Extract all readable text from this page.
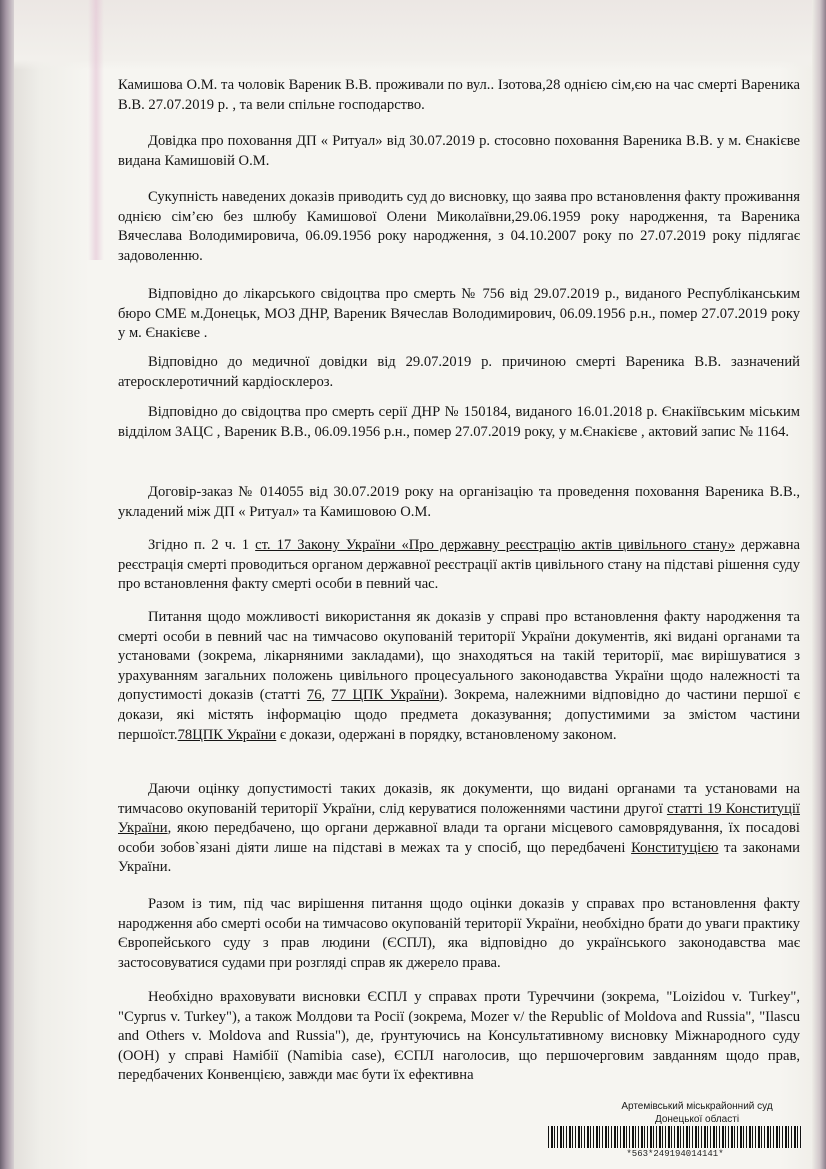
Камишова О.М. та чоловік Вареник В.В. проживали по вул.. Ізотова,28 однією сім,єю на час смерті Вареника В.В. 27.07.2019 р. , та вели спільне господарство.

Довідка про поховання ДП « Ритуал» від 30.07.2019 р. стосовно поховання Вареника В.В. у м. Єнакієве видана Камишовій О.М.

Сукупність наведених доказів приводить суд до висновку, що заява про встановлення факту проживання однією сім’єю без шлюбу Камишової Олени Миколаївни,29.06.1959 року народження, та Вареника Вячеслава Володимировича, 06.09.1956 року народження, з 04.10.2007 року по 27.07.2019 року підлягає задоволенню.

Відповідно до лікарського свідоцтва про смерть № 756 від 29.07.2019 р., виданого Республіканським бюро СМЕ м.Донецьк, МОЗ ДНР, Вареник Вячеслав Володимирович, 06.09.1956 р.н., помер 27.07.2019 року у м. Єнакієве .

Відповідно до медичної довідки від 29.07.2019 р. причиною смерті Вареника В.В. зазначений атеросклеротичний кардіосклероз.

Відповідно до свідоцтва про смерть серії ДНР № 150184, виданого 16.01.2018 р. Єнакіївським міським відділом ЗАЦС , Вареник В.В., 06.09.1956 р.н., помер 27.07.2019 року, у м.Єнакієве , актовий запис № 1164.

Договір-заказ № 014055 від 30.07.2019 року на організацію та проведення поховання Вареника В.В., укладений між ДП « Ритуал» та Камишовою О.М.

Згідно п. 2 ч. 1 ст. 17 Закону України «Про державну реєстрацію актів цивільного стану» державна реєстрація смерті проводиться органом державної реєстрації актів цивільного стану на підставі рішення суду про встановлення факту смерті особи в певний час.

Питання щодо можливості використання як доказів у справі про встановлення факту народження та смерті особи в певний час на тимчасово окупованій території України документів, які видані органами та установами (зокрема, лікарняними закладами), що знаходяться на такій території, має вирішуватися з урахуванням загальних положень цивільного процесуального законодавства України щодо належності та допустимості доказів (статті 76, 77 ЦПК України). Зокрема, належними відповідно до частини першої є докази, які містять інформацію щодо предмета доказування; допустимими за змістом частини першоїст.78ЦПК України є докази, одержані в порядку, встановленому законом.

Даючи оцінку допустимості таких доказів, як документи, що видані органами та установами на тимчасово окупованій території України, слід керуватися положеннями частини другої статті 19 Конституції України, якою передбачено, що органи державної влади та органи місцевого самоврядування, їх посадові особи зобов`язані діяти лише на підставі в межах та у спосіб, що передбачені Конституцією та законами України.

Разом із тим, під час вирішення питання щодо оцінки доказів у справах про встановлення факту народження або смерті особи на тимчасово окупованій території України, необхідно брати до уваги практику Європейського суду з прав людини (ЄСПЛ), яка відповідно до українського законодавства має застосовуватися судами при розгляді справ як джерело права.

Необхідно враховувати висновки ЄСПЛ у справах проти Туреччини (зокрема, "Loizidou v. Turkey", "Cyprus v. Turkey"), а також Молдови та Росії (зокрема, Mozer v/ the Republic of Moldova and Russia", "Ilascu and Others v. Moldova and Russia"), де, ґрунтуючись на Консультативному висновку Міжнародного суду (ООН) у справі Намібії (Namibia case), ЄСПЛ наголосив, що першочерговим завданням щодо прав, передбачених Конвенцією, завжди має бути їх ефективна

Артемівський міськрайонний суд
Донецької області
*563*249194014141*
